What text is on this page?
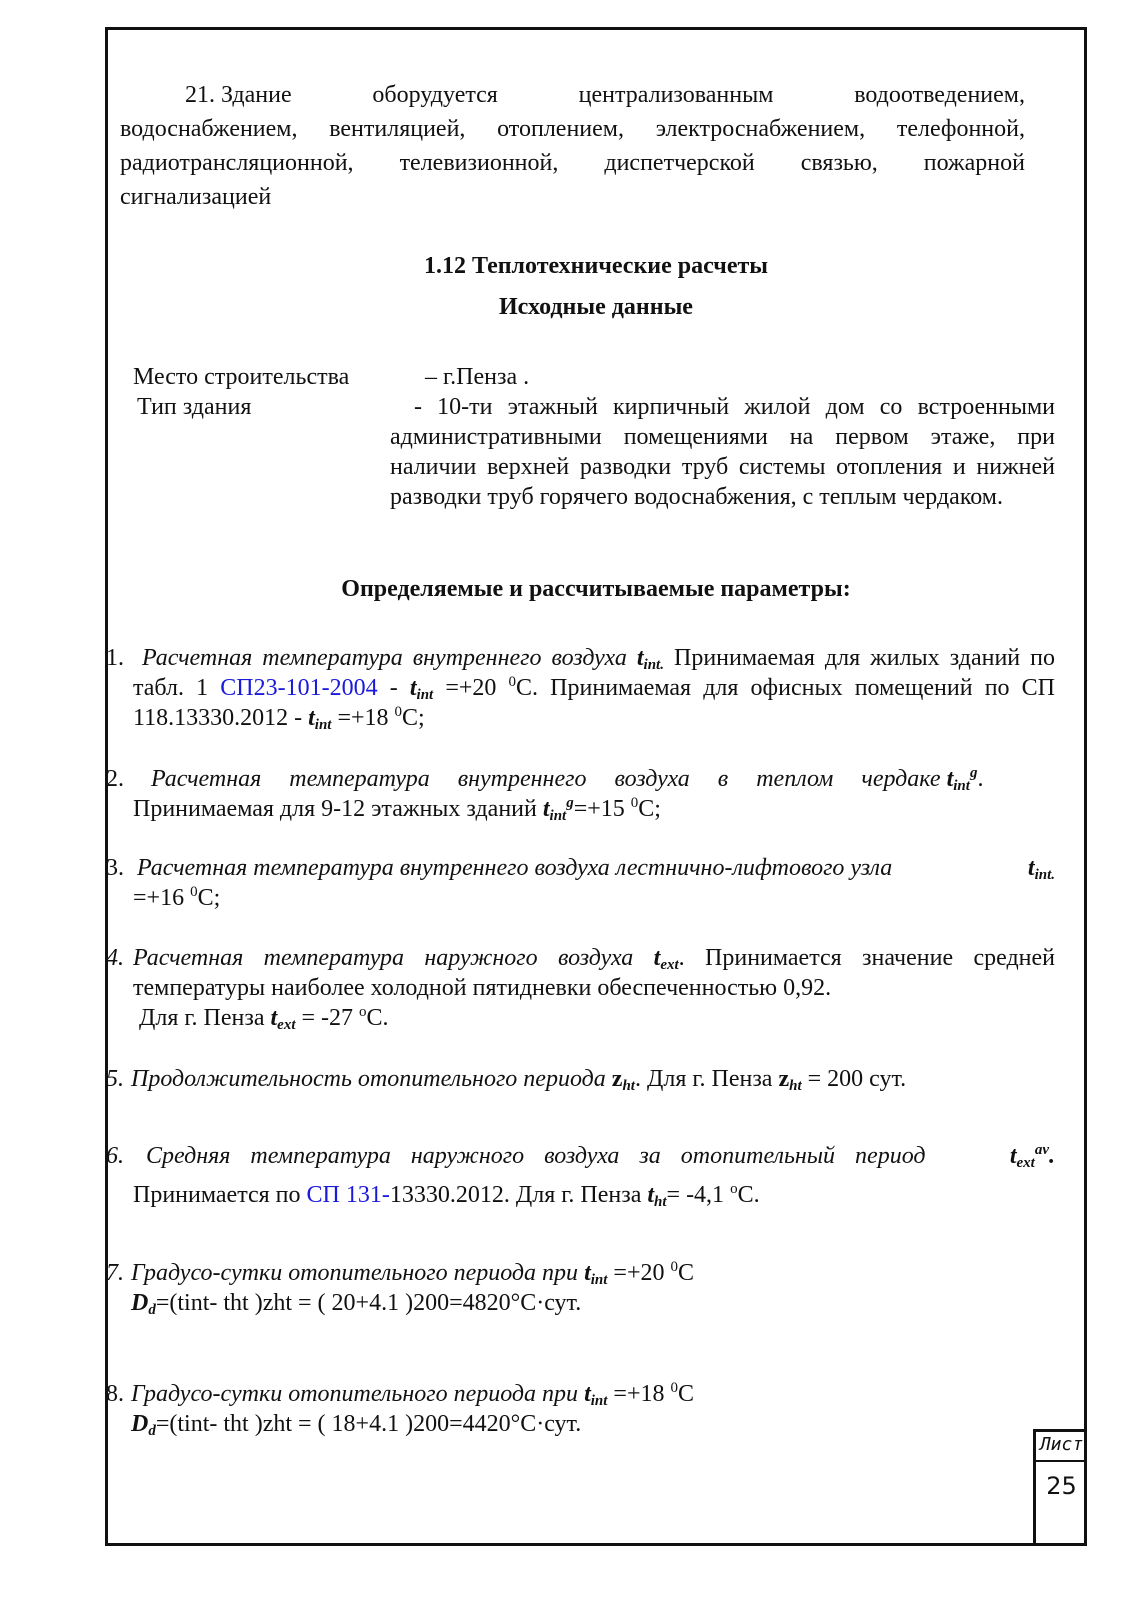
21. Здание	оборудуется	централизованным	водоотведением,
водоснабжением, вентиляцией, отоплением, электроснабжением, телефонной,
радиотрансляционной, телевизионной, диспетчерской связью, пожарной
сигнализацией
1.12 Теплотехнические расчеты
Исходные данные
Место строительства	– г.Пенза .
Тип здания	- 10-ти этажный кирпичный жилой дом со встроенными административными помещениями на первом этаже, при наличии верхней разводки труб системы отопления и нижней разводки труб горячего водоснабжения, с теплым чердаком.
Определяемые и рассчитываемые параметры:
1. Расчетная температура внутреннего воздуха $t_{int.}$ Принимаемая для жилых зданий по табл. 1 $СП23-101-2004 - t_{int} =+20$ $^0$С. Принимаемая для офисных помещений по СП $118.13330.2012 - t_{int} =+18$ $^0$С;
2.	Расчетная температура внутреннего воздуха в теплом чердаке $t_{int}^g$.
Принимаемая для 9-12 этажных зданий $t_{int}^g=+15$ $^0$С;
3. Расчетная температура внутреннего воздуха лестнично-лифтового узла	$t_{int.}$

=+16 $^0$С;
4. Расчетная температура наружного воздуха $t_{ext}$. Принимается значение средней температуры наиболее холодной пятидневки обеспеченностью 0,92.
Для г. Пенза $t_{ext} = -27$ $^о$С.
5. Продолжительность отопительного периода $z_{ht}$. Для г. Пенза $z_{ht} = 200$ сут.
6. Средняя температура наружного воздуха за отопительный период	$t_{ext}^{av}$.
Принимается по СП 131-13330.2012. Для г. Пенза $t_{ht}= -4,1$ $^о$С.
7. Градусо-сутки отопительного периода при $t_{int} =+20$ $^0$С
$D_d=(tint-$ tht )zht = ( 20+4.1 )200=4820°С·сут.
8. Градусо-сутки отопительного периода при $t_{int} =+18$ $^0$С
$D_d=(tint-$ tht )zht = ( 18+4.1 )200=4420°С·сут.
Лист
25
